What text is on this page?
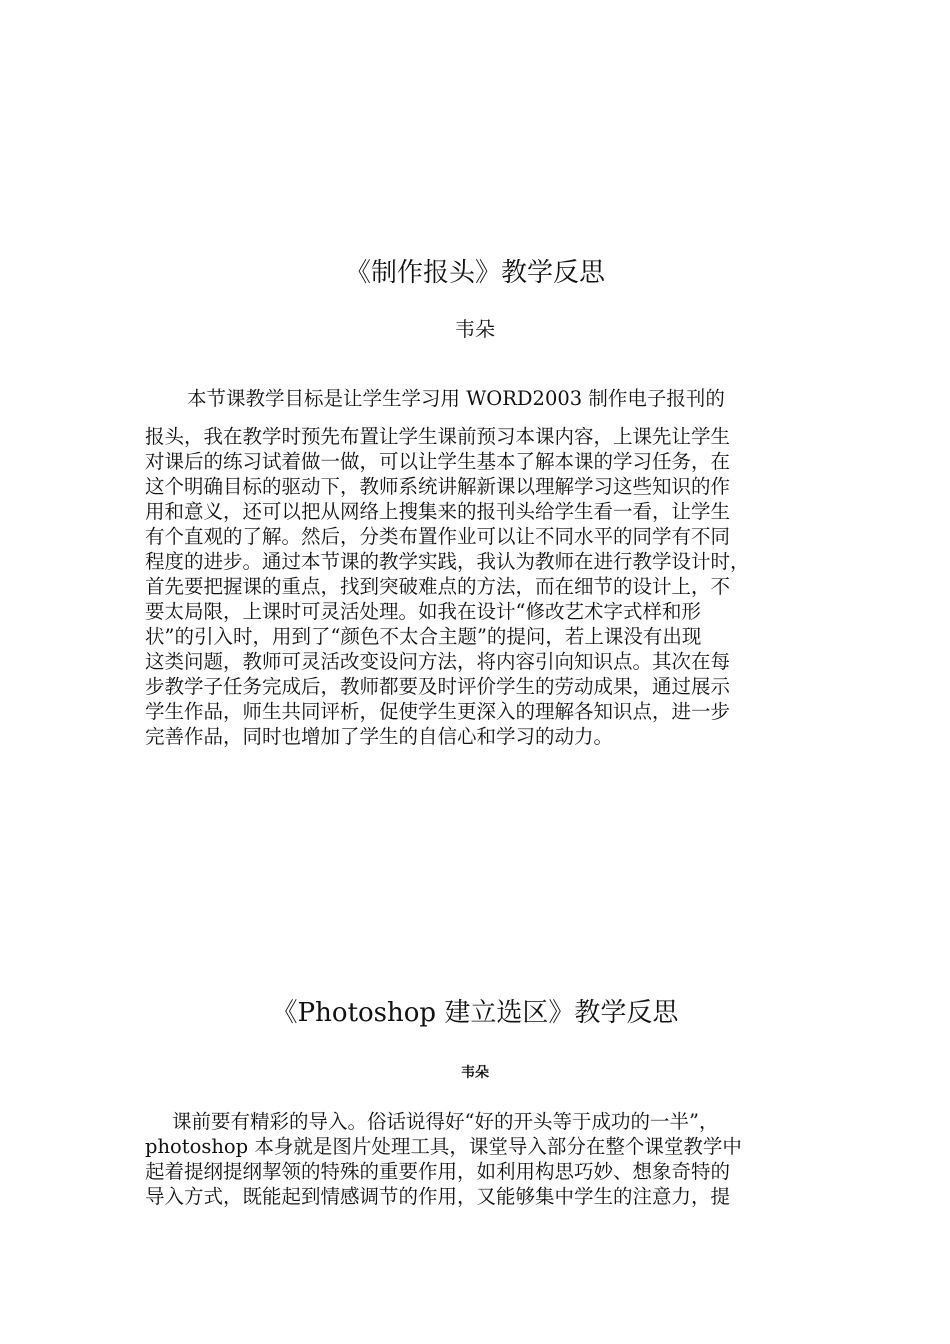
《制作报头》教学反思
韦朵
本节课教学目标是让学生学习用 WORD2003 制作电子报刊的
报头，我在教学时预先布置让学生课前预习本课内容，上课先让学生
对课后的练习试着做一做，可以让学生基本了解本课的学习任务，在
这个明确目标的驱动下，教师系统讲解新课以理解学习这些知识的作
用和意义，还可以把从网络上搜集来的报刊头给学生看一看，让学生
有个直观的了解。然后，分类布置作业可以让不同水平的同学有不同
程度的进步。通过本节课的教学实践，我认为教师在进行教学设计时，
首先要把握课的重点，找到突破难点的方法，而在细节的设计上，不
要太局限，上课时可灵活处理。如我在设计“修改艺术字式样和形
状”的引入时，用到了“颜色不太合主题”的提问，若上课没有出现
这类问题，教师可灵活改变设问方法，将内容引向知识点。其次在每
步教学子任务完成后，教师都要及时评价学生的劳动成果，通过展示
学生作品，师生共同评析，促使学生更深入的理解各知识点，进一步
完善作品，同时也增加了学生的自信心和学习的动力。
《Photoshop 建立选区》教学反思
韦朵
课前要有精彩的导入。俗话说得好“好的开头等于成功的一半”，
photoshop 本身就是图片处理工具，课堂导入部分在整个课堂教学中
起着提纲提纲挈领的特殊的重要作用，如利用构思巧妙、想象奇特的
导入方式，既能起到情感调节的作用，又能够集中学生的注意力，提
